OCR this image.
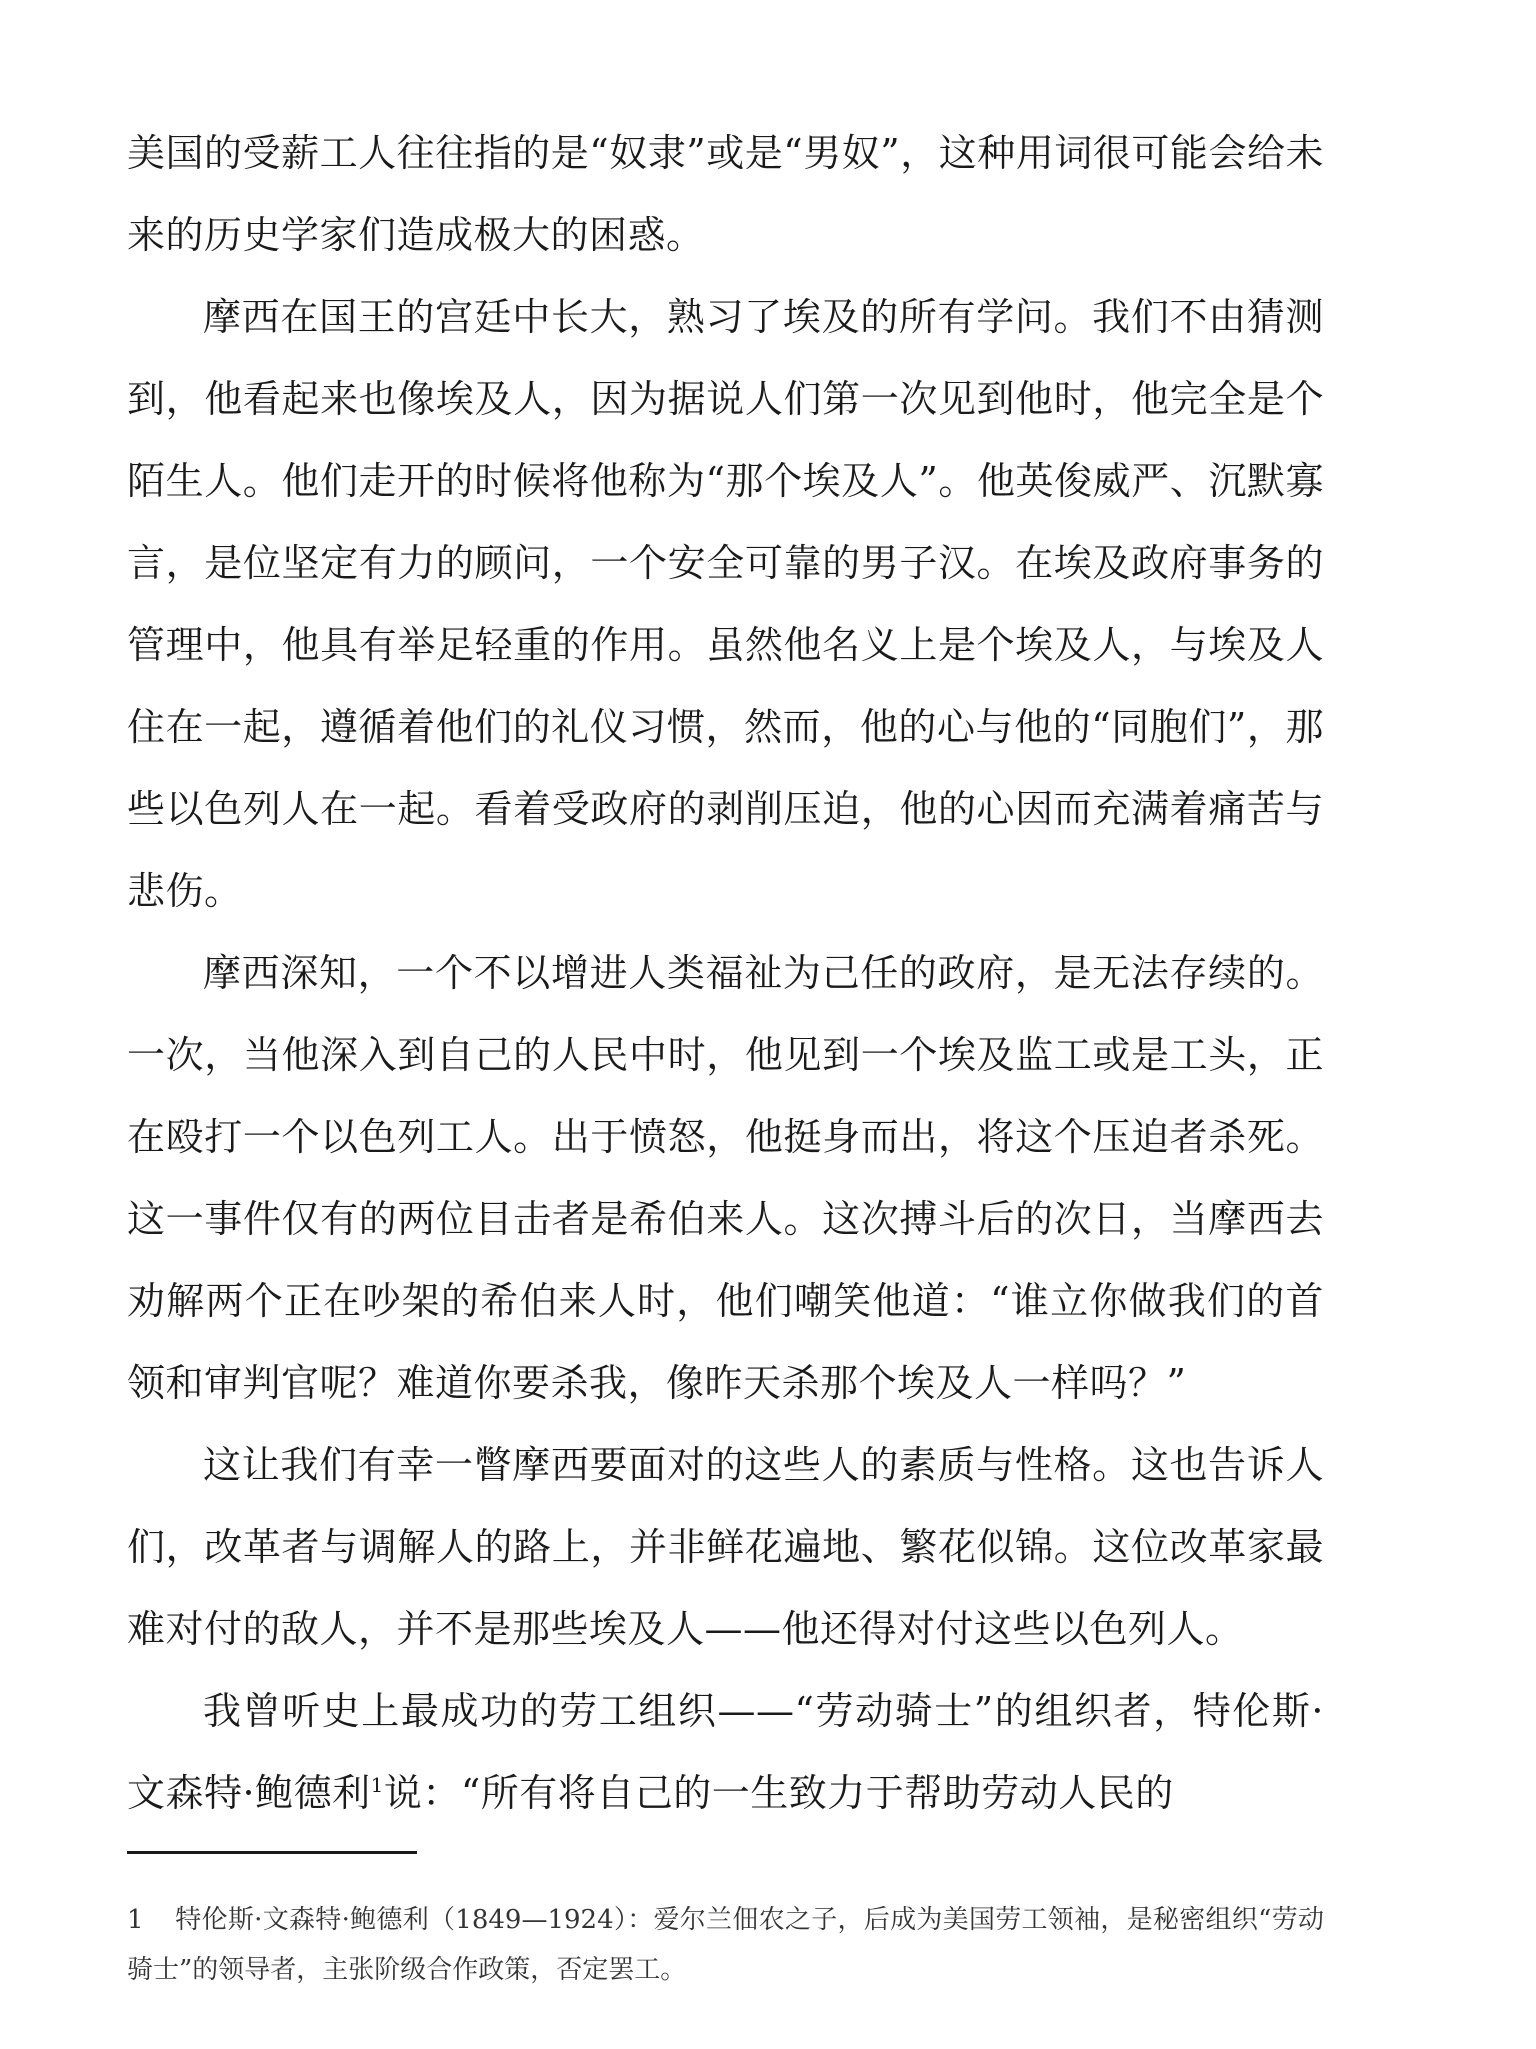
美国的受薪工人往往指的是“奴隶”或是“男奴”，这种用词很可能会给未来的历史学家们造成极大的困惑。

摩西在国王的宫廷中长大，熟习了埃及的所有学问。我们不由猜测到，他看起来也像埃及人，因为据说人们第一次见到他时，他完全是个陌生人。他们走开的时候将他称为“那个埃及人”。他英俊威严、沉默寡言，是位坚定有力的顾问，一个安全可靠的男子汉。在埃及政府事务的管理中，他具有举足轻重的作用。虽然他名义上是个埃及人，与埃及人住在一起，遵循着他们的礼仪习惯，然而，他的心与他的“同胞们”，那些以色列人在一起。看着受政府的剥削压迫，他的心因而充满着痛苦与悲伤。

摩西深知，一个不以增进人类福祉为己任的政府，是无法存续的。一次，当他深入到自己的人民中时，他见到一个埃及监工或是工头，正在殴打一个以色列工人。出于愤怒，他挺身而出，将这个压迫者杀死。这一事件仅有的两位目击者是希伯来人。这次搏斗后的次日，当摩西去劝解两个正在吵架的希伯来人时，他们嘲笑他道：“谁立你做我们的首领和审判官呢？难道你要杀我，像昨天杀那个埃及人一样吗？”

这让我们有幸一瞥摩西要面对的这些人的素质与性格。这也告诉人们，改革者与调解人的路上，并非鲜花遍地、繁花似锦。这位改革家最难对付的敌人，并不是那些埃及人——他还得对付这些以色列人。

我曾听史上最成功的劳工组织——“劳动骑士”的组织者，特伦斯·文森特·鲍德利$^1$说：“所有将自己的一生致力于帮助劳动人民的

1 特伦斯·文森特·鲍德利（1849—1924）：爱尔兰佃农之子，后成为美国劳工领袖，是秘密组织“劳动骑士”的领导者，主张阶级合作政策，否定罢工。
